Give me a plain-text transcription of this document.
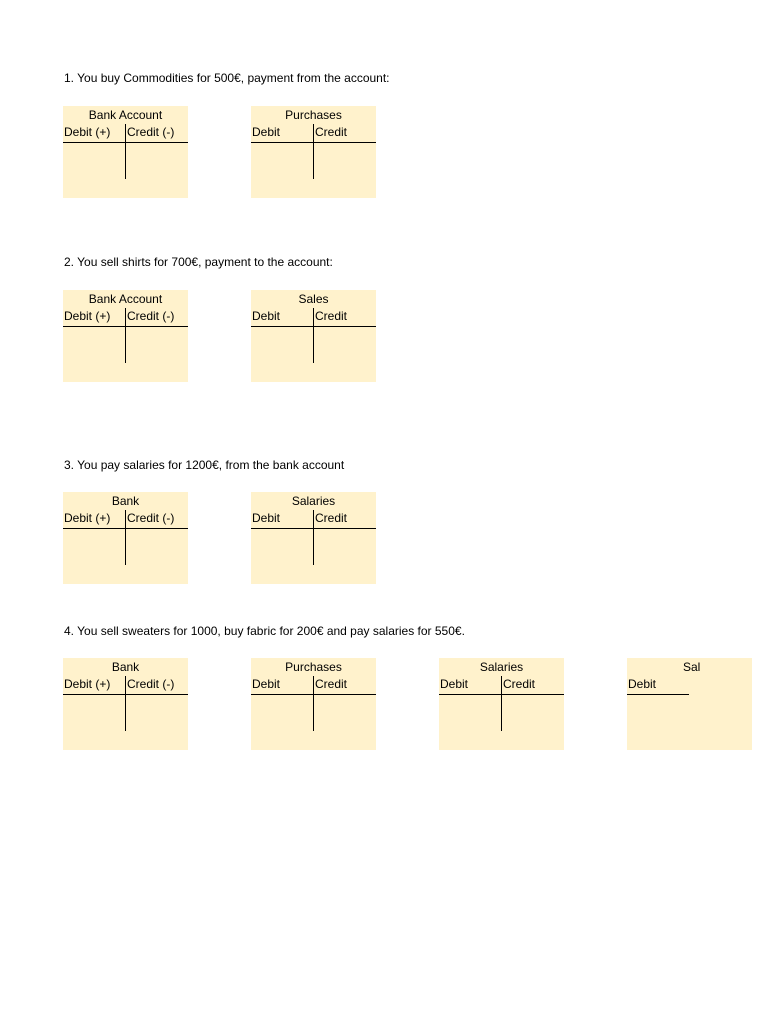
1. You buy Commodities for 500€, payment from the account:
Bank Account
Debit (+) Credit (-)
Purchases
Debit	Credit
2. You sell shirts for 700€, payment to the account:
Bank Account
Debit (+) Credit (-)
Sales
Debit	Credit
3. You pay salaries for 1200€, from the bank account
Bank
Debit (+) Credit (-)
Salaries
Debit	Credit
4. You sell sweaters for 1000, buy fabric for 200€ and pay salaries for 550€.
Bank
Debit (+) Credit (-)
Purchases
Debit	Credit
Salaries
Debit	Credit
Sal
Debit
